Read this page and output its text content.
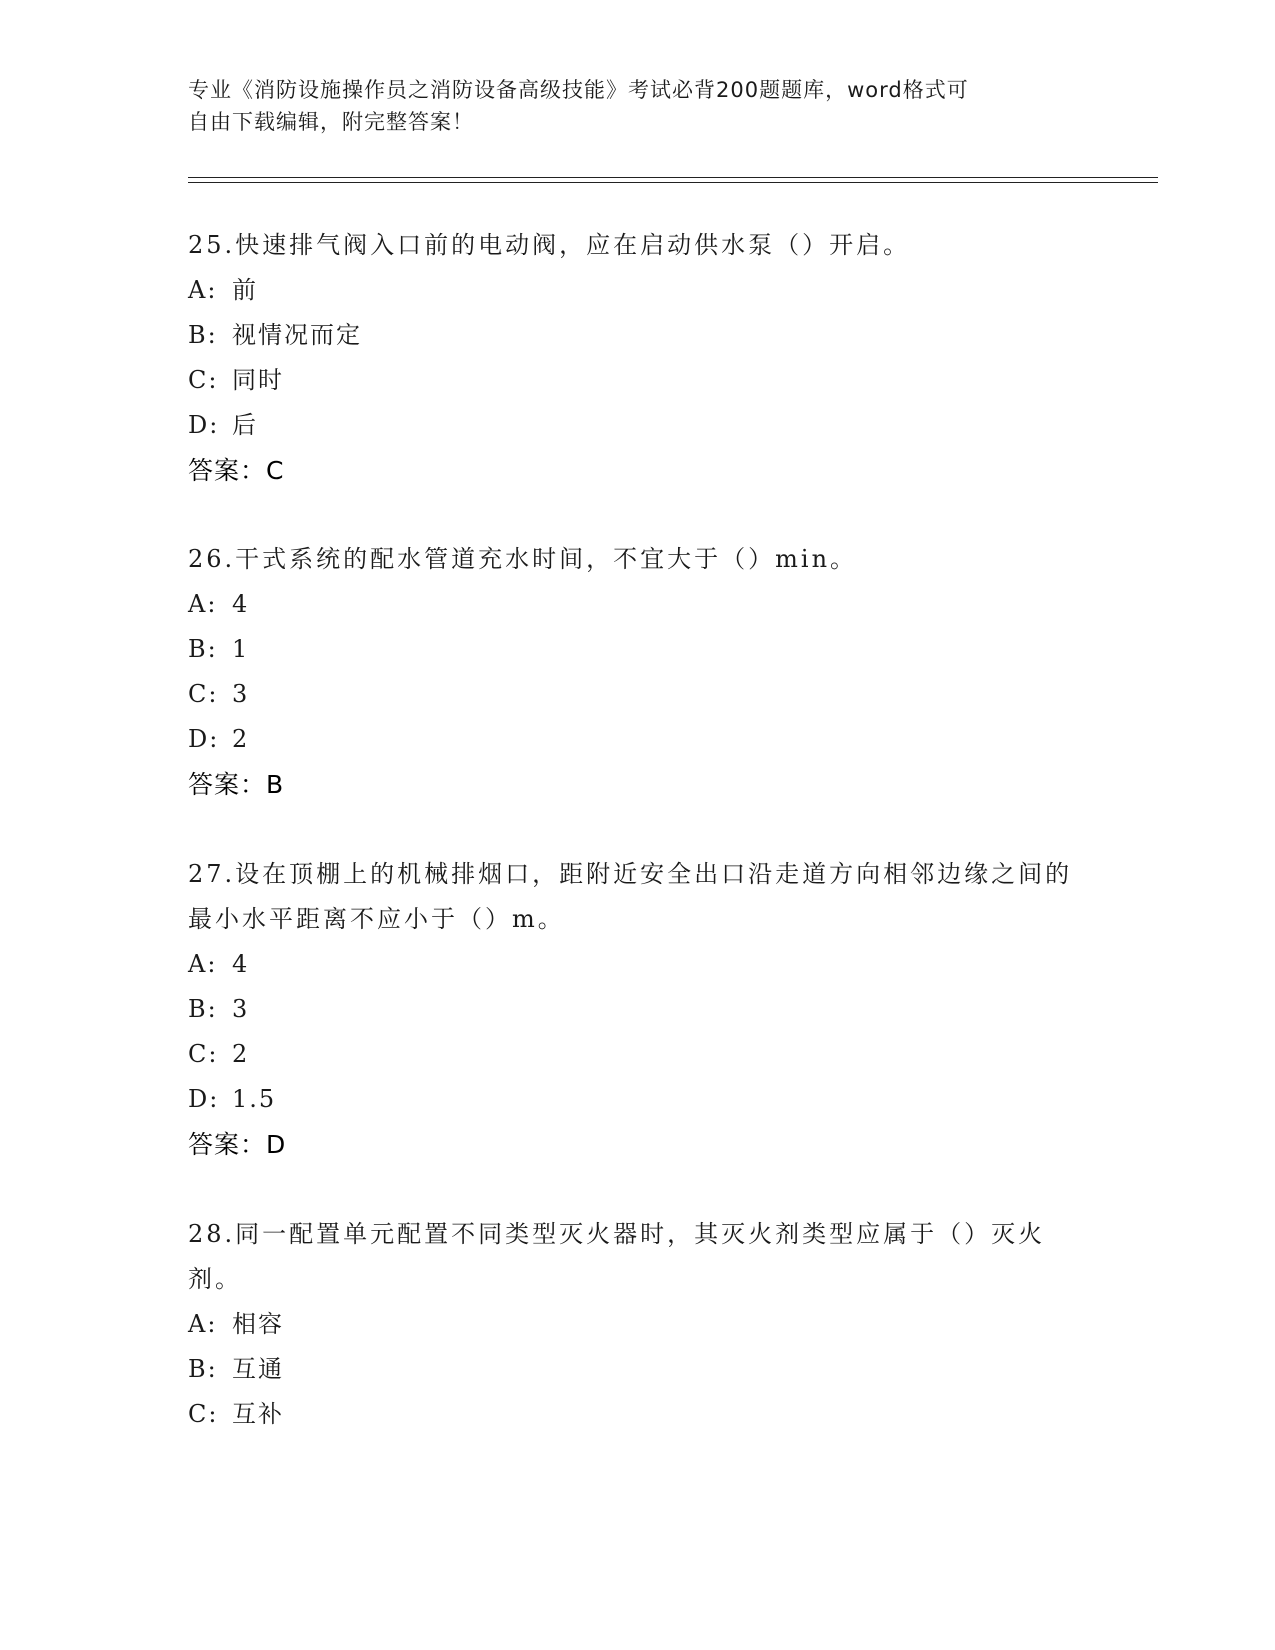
专业《消防设施操作员之消防设备高级技能》考试必背200题题库，word格式可
自由下载编辑，附完整答案！

25.快速排气阀入口前的电动阀，应在启动供水泵（）开启。

A: 前
B: 视情况而定
C: 同时
D: 后
答案：C

26.干式系统的配水管道充水时间，不宜大于（）min。

A: 4
B: 1
C: 3
D: 2
答案：B

27.设在顶棚上的机械排烟口，距附近安全出口沿走道方向相邻边缘之间的最小水平距离不应小于（）m。

A: 4
B: 3
C: 2
D: 1.5
答案：D

28.同一配置单元配置不同类型灭火器时，其灭火剂类型应属于（）灭火剂。

A: 相容
B: 互通
C: 互补
